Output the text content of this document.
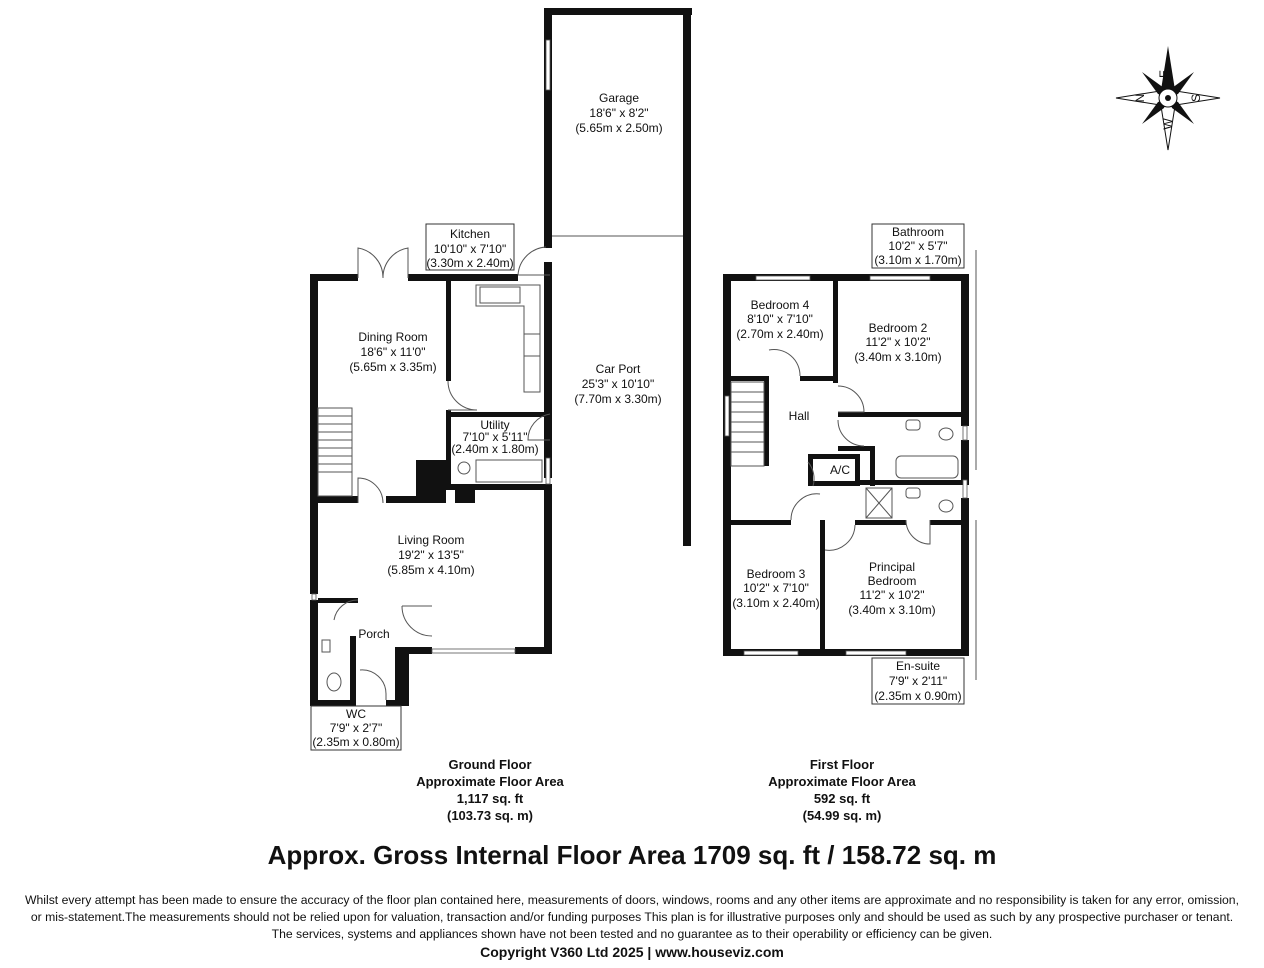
Garage
18'6" x 8'2"
(5.65m x 2.50m)
Kitchen
10'10" x 7'10"
(3.30m x 2.40m)
Dining Room
18'6" x 11'0"
(5.65m x 3.35m)	Car Port
25'3" x 10'10"
(7.70m x 3.30m)
Utility
7'10" x 5'11"
(2.40m x 1.80m)
Living Room
19'2" x 13'5"
(5.85m x 4.10m)
Porch
WC
7'9" x 2'7"
(2.35m x 0.80m)
Bathroom
10'2" x 5'7"
(3.10m x 1.70m)
Bedroom 4
8'10" x 7'10"
(2.70m x 2.40m)	Bedroom 2
11'2" x 10'2"
(3.40m x 3.10m)
Hall
A/C
Bedroom 3
10'2" x 7'10"
(3.10m x 2.40m)
Principal
Bedroom
11'2" x 10'2"
(3.40m x 3.10m)
En-suite
7'9" x 2'11"
(2.35m x 0.90m)
Ground Floor
Approximate Floor Area
1,117 sq. ft
(103.73 sq. m)
First Floor
Approximate Floor Area
592 sq. ft
(54.99 sq. m)
E
N	S
W
Approx. Gross Internal Floor Area 1709 sq. ft / 158.72 sq. m
Whilst every attempt has been made to ensure the accuracy of the floor plan contained here, measurements of doors, windows, rooms and any other items are approximate and no responsibility is taken for any error, omission,
or mis-statement.The measurements should not be relied upon for valuation, transaction and/or funding purposes This plan is for illustrative purposes only and should be used as such by any prospective purchaser or tenant.
The services, systems and appliances shown have not been tested and no guarantee as to their operability or efficiency can be given.
Copyright V360 Ltd 2025 | www.houseviz.com
